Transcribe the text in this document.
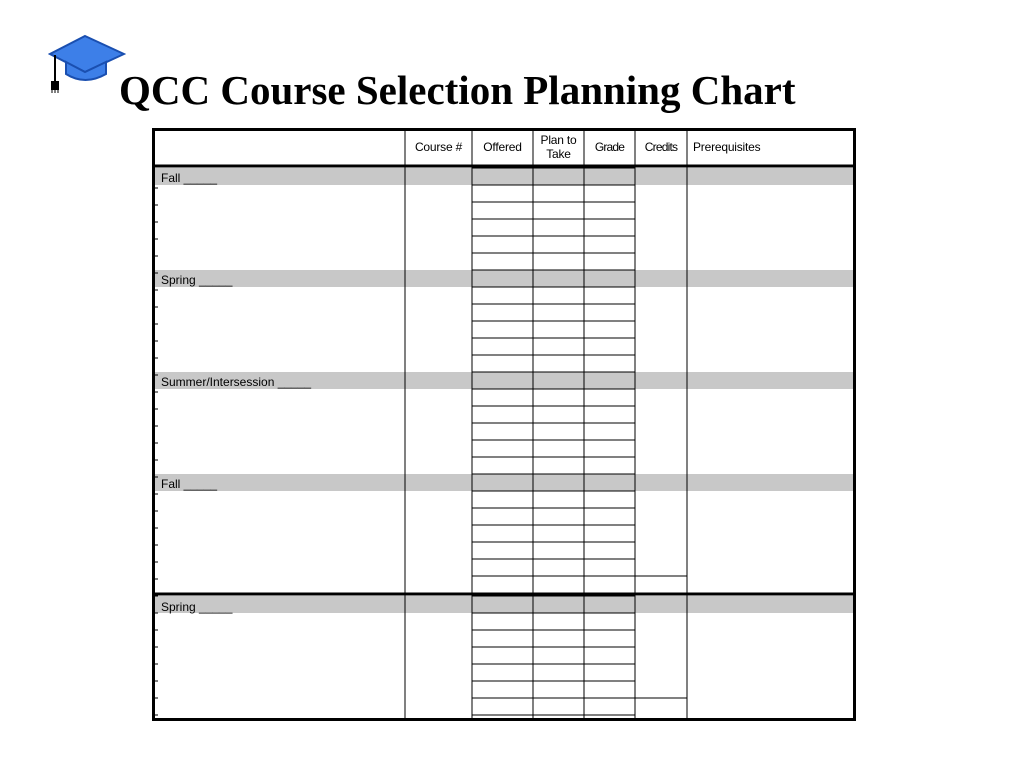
QCC Course Selection Planning Chart
Course #	Offered	Plan to Take	Grade	Credits	Prerequisites
Fall _____
Spring _____
Summer/Intersession _____
Fall _____
Spring _____
